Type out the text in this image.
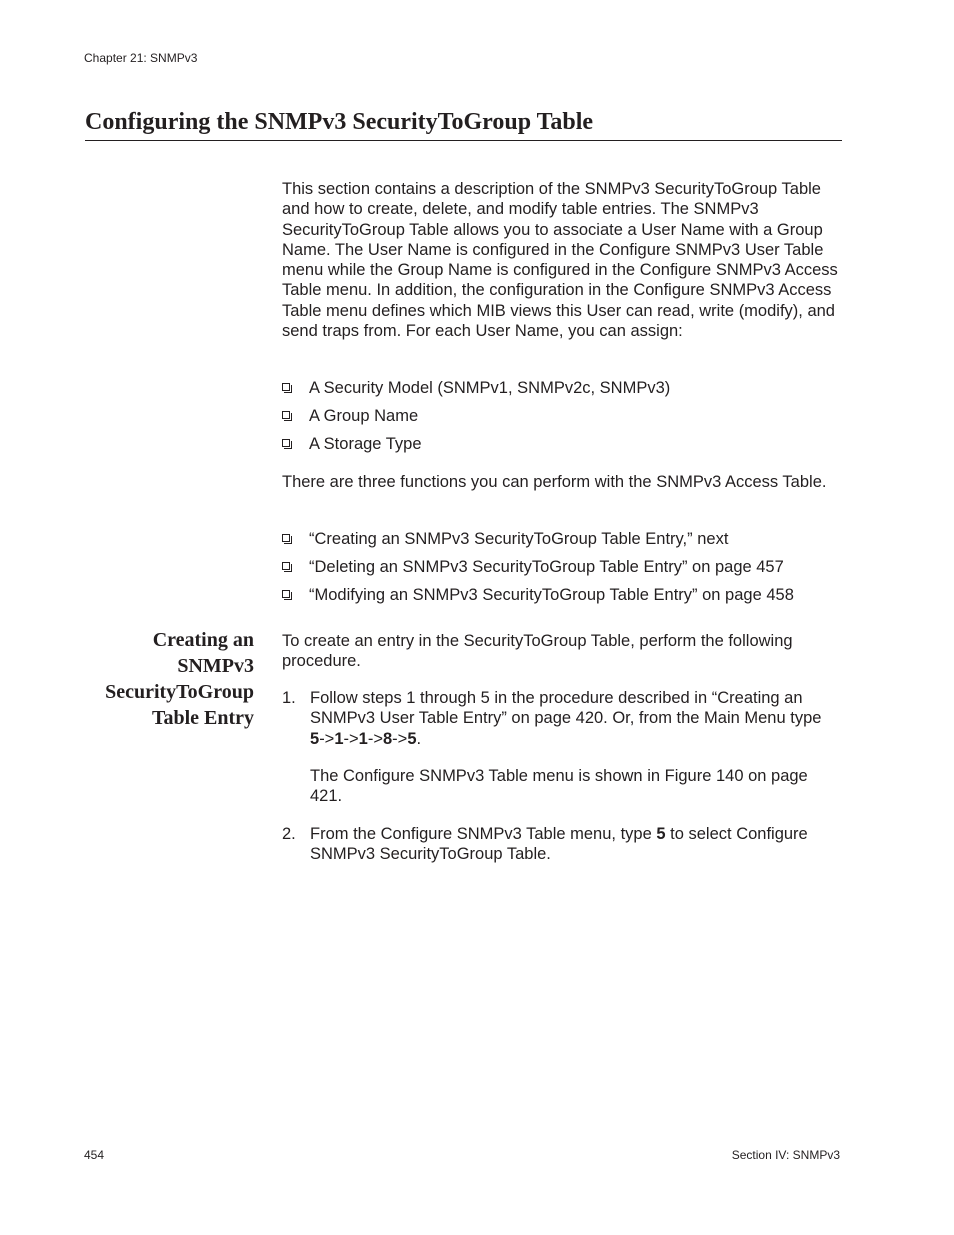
Chapter 21: SNMPv3
Configuring the SNMPv3 SecurityToGroup Table

This section contains a description of the SNMPv3 SecurityToGroup Table and how to create, delete, and modify table entries. The SNMPv3 SecurityToGroup Table allows you to associate a User Name with a Group Name. The User Name is configured in the Configure SNMPv3 User Table menu while the Group Name is configured in the Configure SNMPv3 Access Table menu. In addition, the configuration in the Configure SNMPv3 Access Table menu defines which MIB views this User can read, write (modify), and send traps from. For each User Name, you can assign:

A Security Model (SNMPv1, SNMPv2c, SNMPv3)
A Group Name
A Storage Type

There are three functions you can perform with the SNMPv3 Access Table.

“Creating an SNMPv3 SecurityToGroup Table Entry,” next
“Deleting an SNMPv3 SecurityToGroup Table Entry” on page 457
“Modifying an SNMPv3 SecurityToGroup Table Entry” on page 458
Creating an
SNMPv3
SecurityToGroup
Table Entry

To create an entry in the SecurityToGroup Table, perform the following procedure.

1. Follow steps 1 through 5 in the procedure described in “Creating an SNMPv3 User Table Entry” on page 420. Or, from the Main Menu type
5->1->1->8->5.
The Configure SNMPv3 Table menu is shown in Figure 140 on page 421.
2. From the Configure SNMPv3 Table menu, type 5 to select Configure SNMPv3 SecurityToGroup Table.
454	Section IV: SNMPv3
